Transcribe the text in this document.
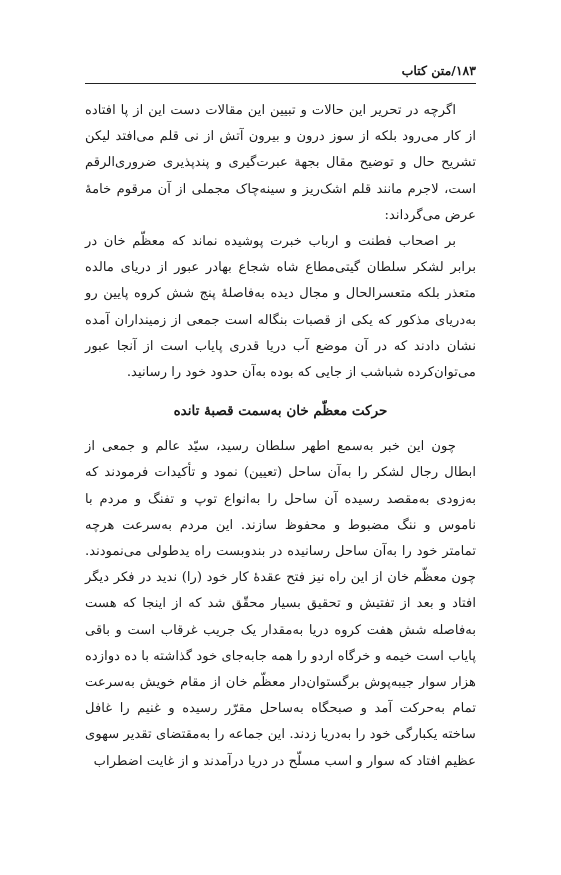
۱۸۳/متن کتاب

اگرچه در تحریر این حالات و تبیین این مقالات دست این از پا افتاده از کار می‌رود بلکه از سوز درون و بیرون آتش از نی قلم می‌افتد لیکن تشریح حال و توضیح مقال بجهة عبرت‌گیری و پندپذیری ضروری‌الرقم است، لاجرم مانند قلم اشک‌ریز و سینه‌چاک مجملی از آن مرقوم خامهٔ عرض می‌گرداند:

بر اصحاب فطنت و ارباب خبرت پوشیده نماند که معظّم خان در برابر لشکر سلطان گیتی‌مطاع شاه شجاع بهادر عبور از دریای مالده متعذر بلکه متعسرالحال و مجال دیده به‌فاصلهٔ پنج شش کروه پایین رو به‌دریای مذکور که یکی از قصبات بنگاله است جمعی از زمینداران آمده نشان دادند که در آن موضع آب دریا قدری پایاب است از آنجا عبور می‌توان‌کرده شباشب از جایی که بوده به‌آن حدود خود را رسانید.

حرکت معظّم خان به‌سمت قصبهٔ تانده

چون این خبر به‌سمع اطهر سلطان رسید، سیّد عالم و جمعی از ابطال رجال لشکر را به‌آن ساحل (تعیین) نمود و تأکیدات فرمودند که به‌زودی به‌مقصد رسیده آن ساحل را به‌انواع توپ و تفنگ و مردم با ناموس و ننگ مضبوط و محفوظ سازند. این مردم به‌سرعت هرچه تمامتر خود را به‌آن ساحل رسانیده در بندوبست راه یدطولی می‌نمودند. چون معظّم خان از این راه نیز فتح عقدهٔ کار خود (را) ندید در فکر دیگر افتاد و بعد از تفتیش و تحقیق بسیار محقّق شد که از اینجا که هست به‌فاصله شش هفت کروه دریا به‌مقدار یک جریب غرقاب است و باقی پایاب است خیمه و خرگاه اردو را همه جابه‌جای خود گذاشته با ده دوازده هزار سوار جیبه‌پوش برگستوان‌دار معظّم خان از مقام خویش به‌سرعت تمام به‌حرکت آمد و صبحگاه به‌ساحل مقرّر رسیده و غنیم را غافل ساخته یکبارگی خود را به‌دریا زدند. این جماعه را به‌مقتضای تقدیر سهوی عظیم افتاد که سوار و اسب مسلّح در دریا درآمدند و از غایت اضطراب
